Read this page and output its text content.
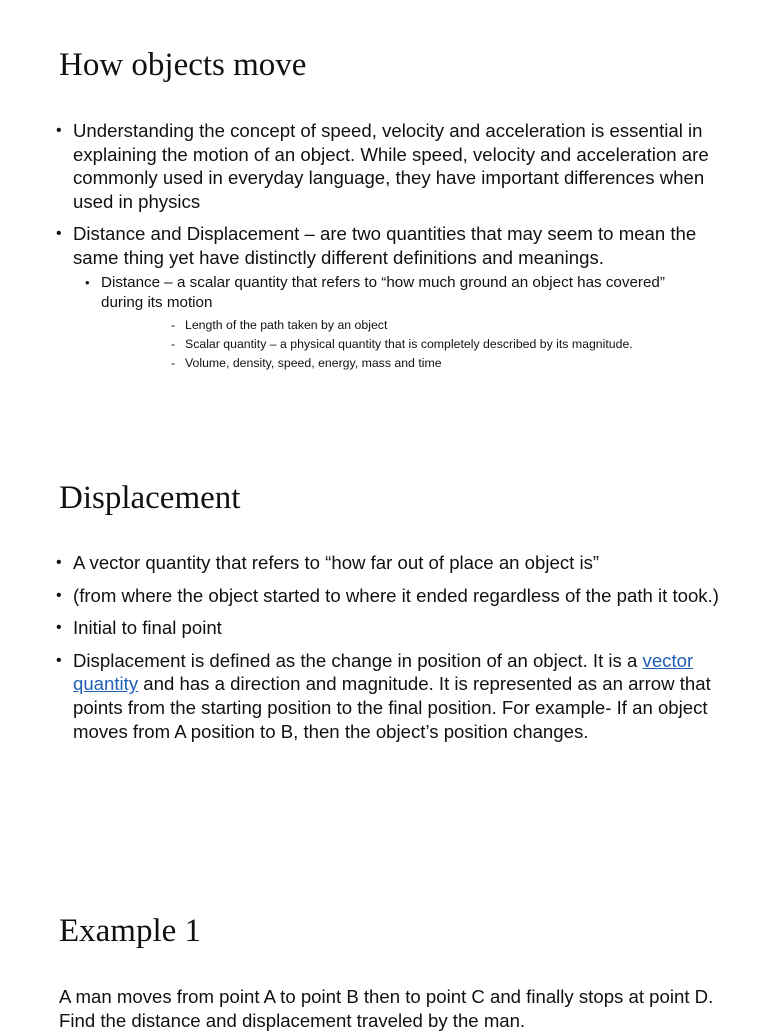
How objects move
• Understanding the concept of speed, velocity and acceleration is essential in explaining the motion of an object. While speed, velocity and acceleration are commonly used in everyday language, they have important differences when used in physics
• Distance and Displacement – are two quantities that may seem to mean the same thing yet have distinctly different definitions and meanings.
• Distance – a scalar quantity that refers to “how much ground an object has covered” during its motion
- Length of the path taken by an object
- Scalar quantity – a physical quantity that is completely described by its magnitude.
- Volume, density, speed, energy, mass and time
Displacement
• A vector quantity that refers to “how far out of place an object is”
• (from where the object started to where it ended regardless of the path it took.)
• Initial to final point
• Displacement is defined as the change in position of an object. It is a vector quantity and has a direction and magnitude. It is represented as an arrow that points from the starting position to the final position. For example- If an object moves from A position to B, then the object’s position changes.
Example 1

A man moves from point A to point B then to point C and finally stops at point D. Find the distance and displacement traveled by the man.
